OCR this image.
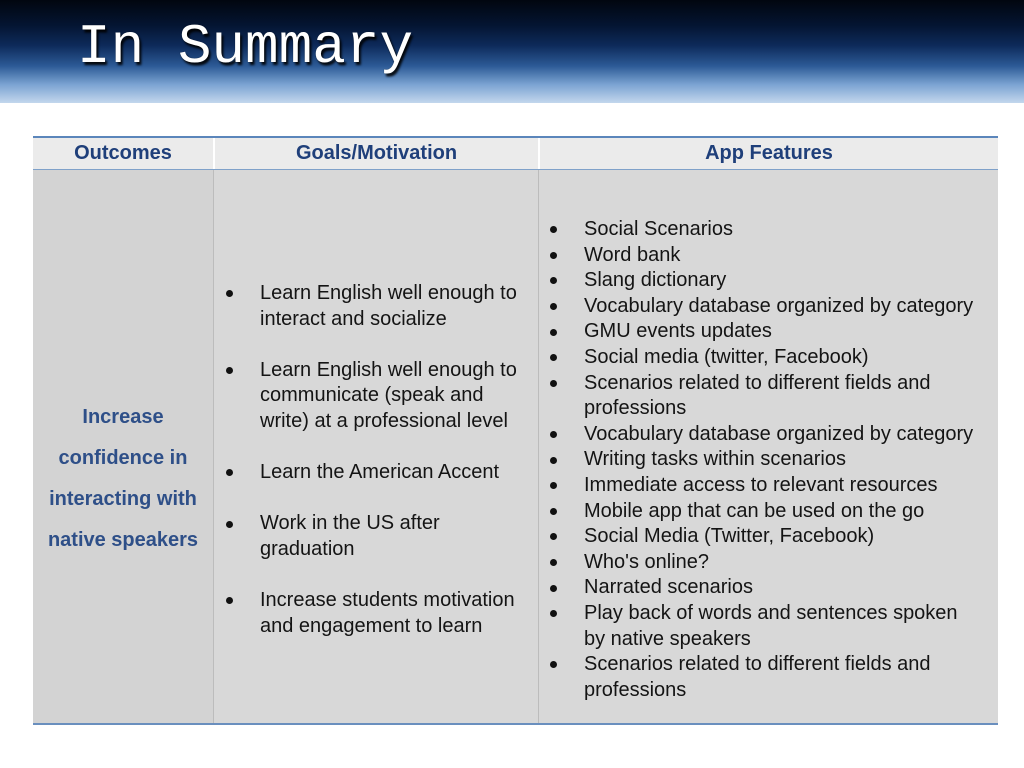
In Summary
Outcomes	Goals/Motivation	App Features
Increase
confidence in
interacting with
native speakers
Learn English well enough to
interact and socialize
Learn English well enough to
communicate (speak and
write) at a professional level
Learn the American Accent
Work in the US after
graduation
Increase students motivation
and engagement to learn
Social Scenarios
Word bank
Slang dictionary
Vocabulary database organized by category
GMU events updates
Social media (twitter, Facebook)
Scenarios related to different fields and
professions
Vocabulary database organized by category
Writing tasks within scenarios
Immediate access to relevant resources
Mobile app that can be used on the go
Social Media (Twitter, Facebook)
Who's online?
Narrated scenarios
Play back of words and sentences spoken
by native speakers
Scenarios related to different fields and
professions
